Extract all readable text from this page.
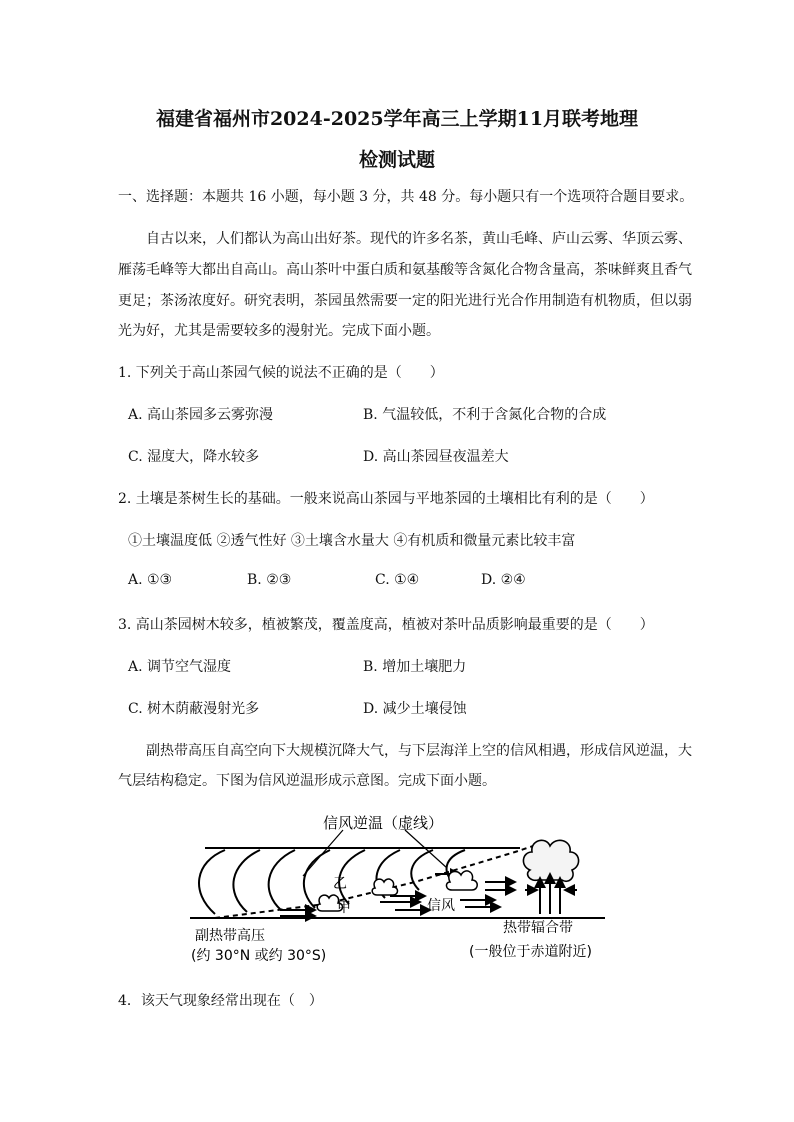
福建省福州市2024-2025学年高三上学期11月联考地理
检测试题
一、选择题：本题共 16 小题，每小题 3 分，共 48 分。每小题只有一个选项符合题目要求。
自古以来，人们都认为高山出好茶。现代的许多名茶，黄山毛峰、庐山云雾、华顶云雾、
雁荡毛峰等大都出自高山。高山茶叶中蛋白质和氨基酸等含氮化合物含量高，茶味鲜爽且香气
更足；茶汤浓度好。研究表明，茶园虽然需要一定的阳光进行光合作用制造有机物质，但以弱
光为好，尤其是需要较多的漫射光。完成下面小题。
1. 下列关于高山茶园气候的说法不正确的是（　　）
A. 高山茶园多云雾弥漫	B. 气温较低，不利于含氮化合物的合成
C. 湿度大，降水较多	D. 高山茶园昼夜温差大
2. 土壤是茶树生长的基础。一般来说高山茶园与平地茶园的土壤相比有利的是（　　）
①土壤温度低 ②透气性好 ③土壤含水量大 ④有机质和微量元素比较丰富
A. ①③	B. ②③	C. ①④	D. ②④
3. 高山茶园树木较多，植被繁茂，覆盖度高，植被对茶叶品质影响最重要的是（　　）
A. 调节空气湿度	B. 增加土壤肥力
C. 树木荫蔽漫射光多	D. 减少土壤侵蚀
副热带高压自高空向下大规模沉降大气，与下层海洋上空的信风相遇，形成信风逆温，大
气层结构稳定。下图为信风逆温形成示意图。完成下面小题。
信风逆温（虚线）
乙
甲	信风
副热带高压
(约 30°N 或约 30°S)
热带辐合带
(一般位于赤道附近)
4．该天气现象经常出现在（　）
